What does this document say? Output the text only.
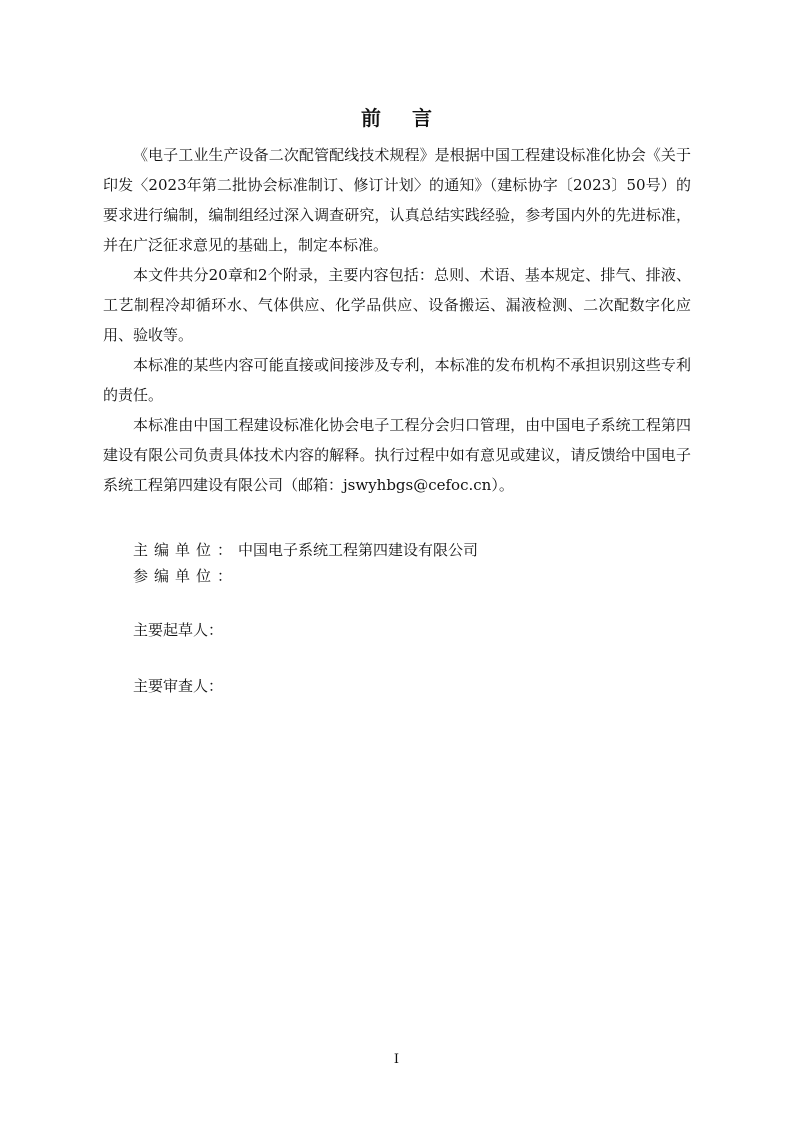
前 言

《电子工业生产设备二次配管配线技术规程》是根据中国工程建设标准化协会《关于印发〈2023年第二批协会标准制订、修订计划〉的通知》（建标协字〔2023〕50号）的要求进行编制，编制组经过深入调查研究，认真总结实践经验，参考国内外的先进标准，并在广泛征求意见的基础上，制定本标准。

本文件共分20章和2个附录，主要内容包括：总则、术语、基本规定、排气、排液、工艺制程冷却循环水、气体供应、化学品供应、设备搬运、漏液检测、二次配数字化应用、验收等。

本标准的某些内容可能直接或间接涉及专利，本标准的发布机构不承担识别这些专利的责任。

本标准由中国工程建设标准化协会电子工程分会归口管理，由中国电子系统工程第四建设有限公司负责具体技术内容的解释。执行过程中如有意见或建议，请反馈给中国电子系统工程第四建设有限公司（邮箱：jswyhbgs@cefoc.cn）。

主编单位： 中国电子系统工程第四建设有限公司
参编单位：
主要起草人：
主要审查人：
I
